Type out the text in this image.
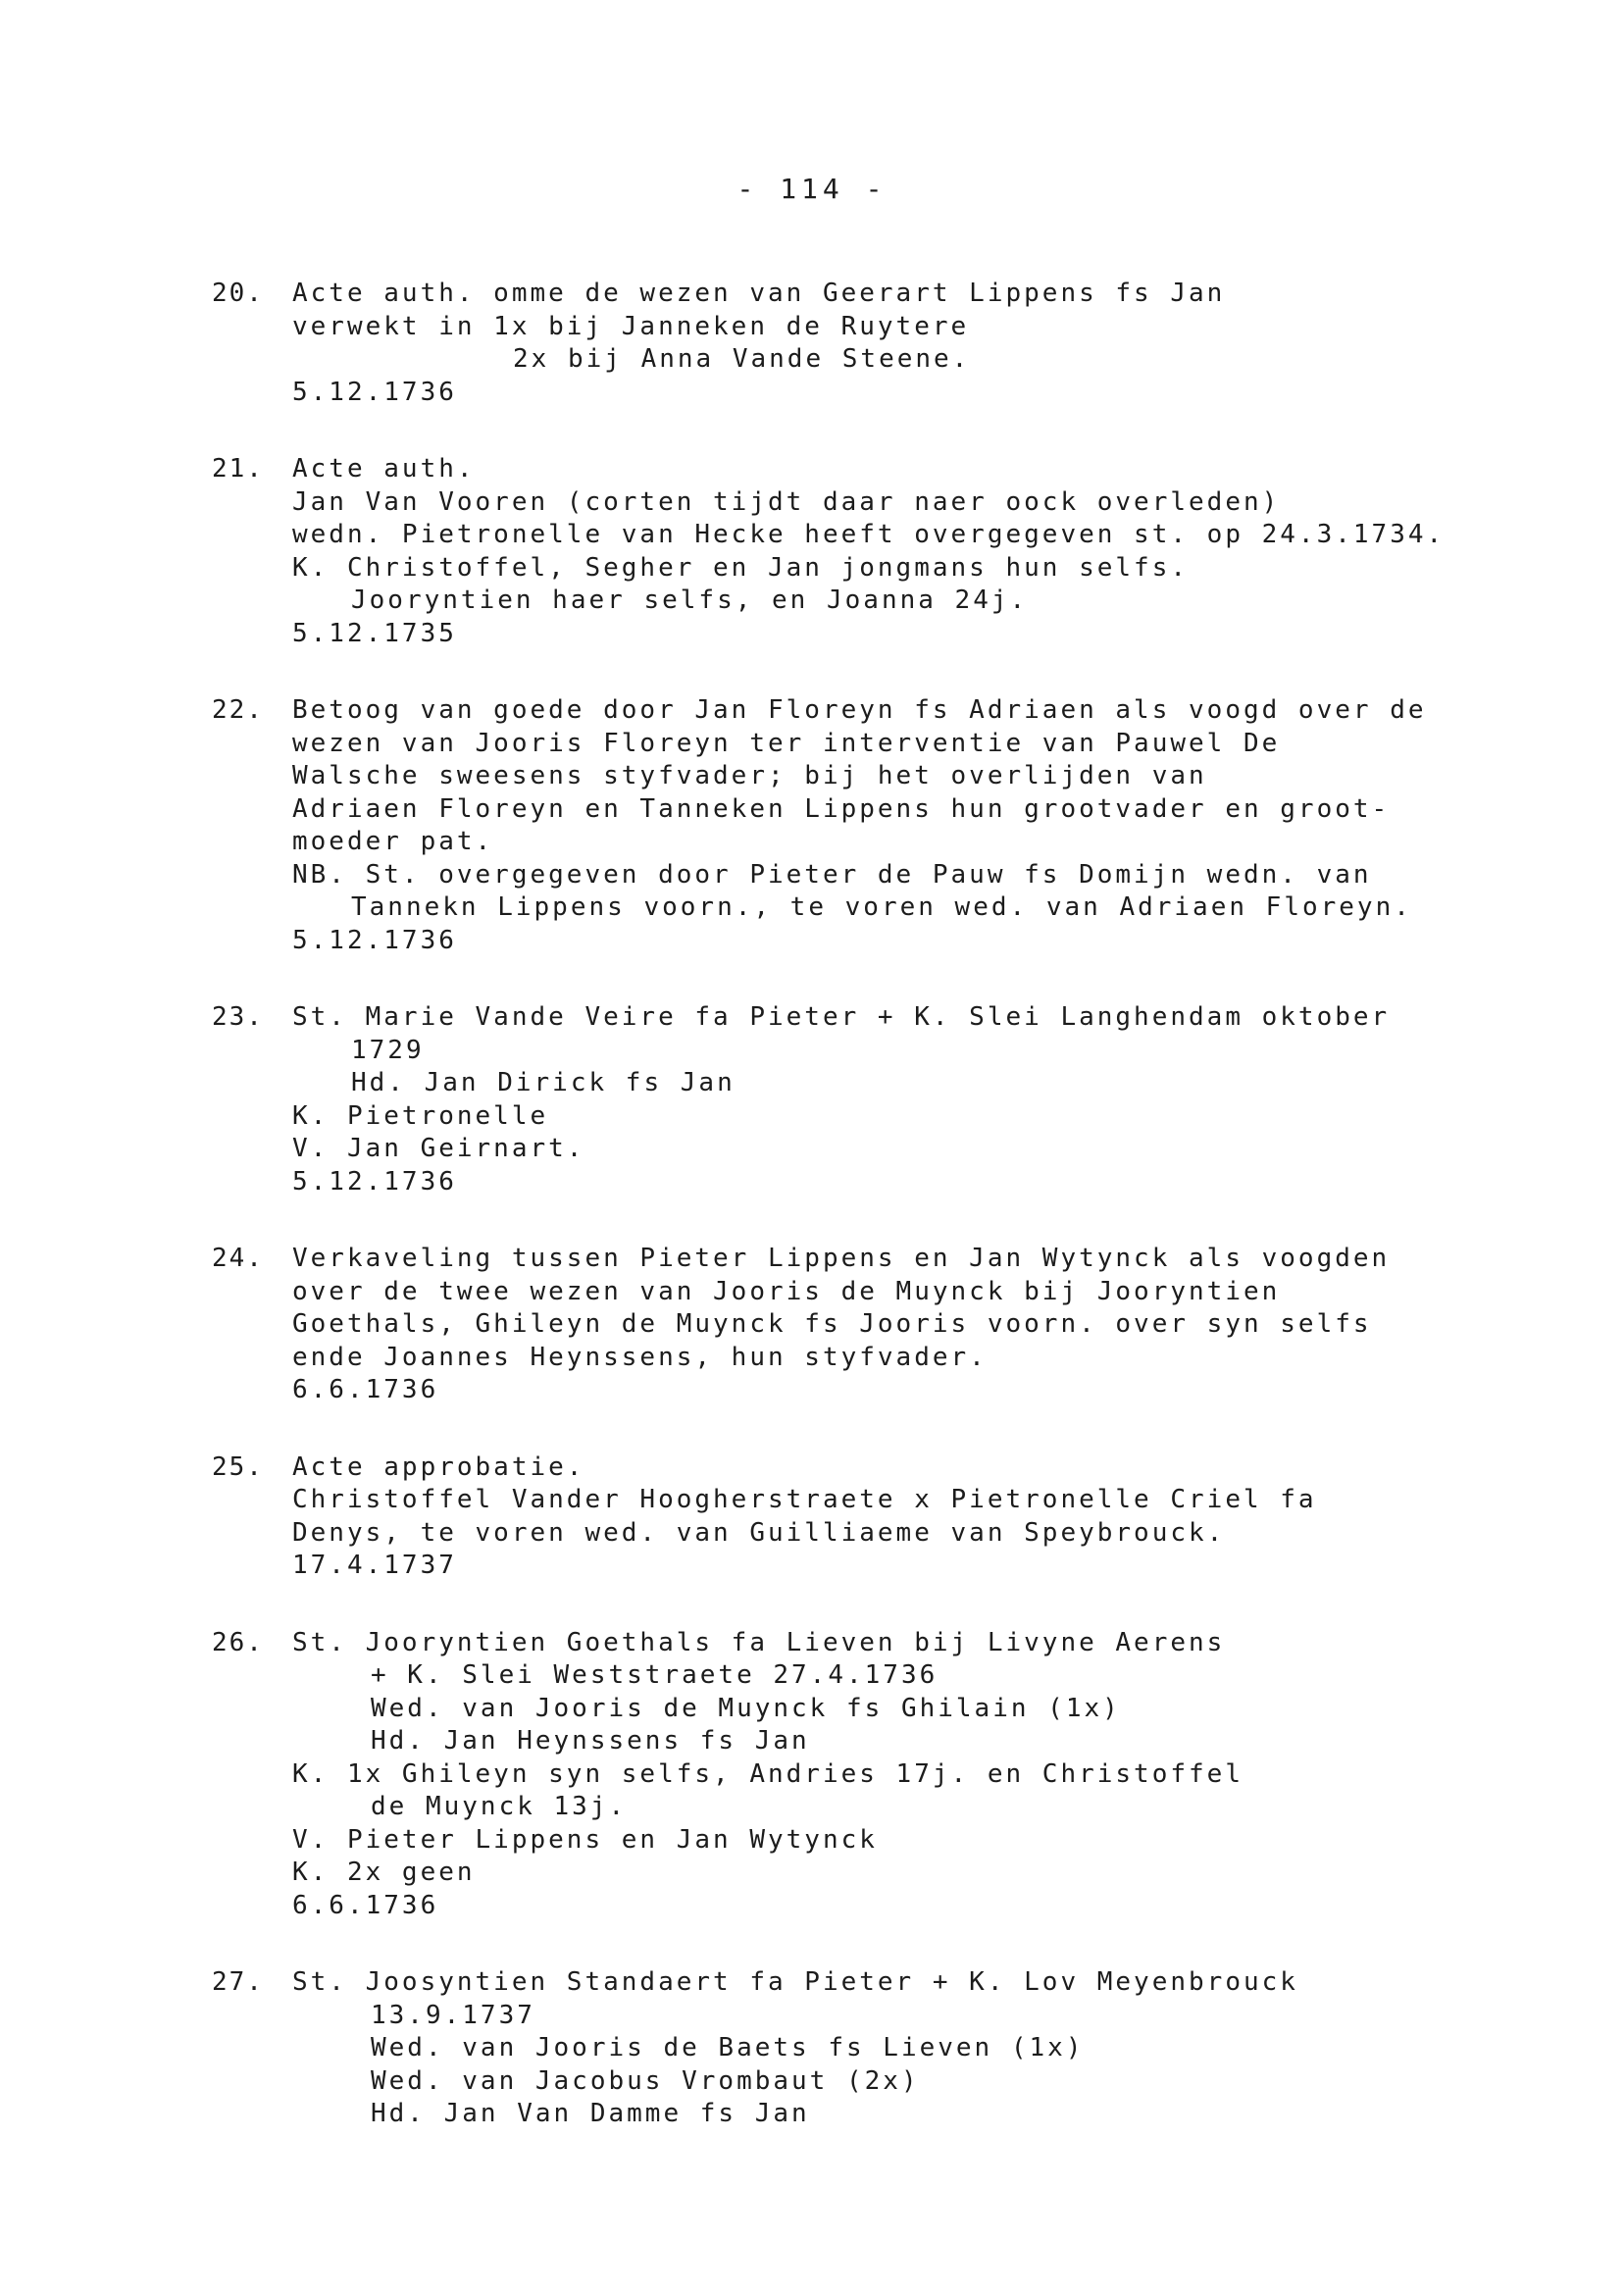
- 114 -
20.	Acte auth. omme de wezen van Geerart Lippens fs Jan
verwekt in 1x bij Janneken de Ruytere
2x bij Anna Vande Steene.
5.12.1736
21.	Acte auth.
Jan Van Vooren (corten tijdt daar naer oock overleden)
wedn. Pietronelle van Hecke heeft overgegeven st. op 24.3.1734.
K. Christoffel, Segher en Jan jongmans hun selfs.
Jooryntien haer selfs, en Joanna 24j.
5.12.1735
22.	Betoog van goede door Jan Floreyn fs Adriaen als voogd over de
wezen van Jooris Floreyn ter interventie van Pauwel De
Walsche sweesens styfvader; bij het overlijden van
Adriaen Floreyn en Tanneken Lippens hun grootvader en groot-
moeder pat.
NB. St. overgegeven door Pieter de Pauw fs Domijn wedn. van
Tannekn Lippens voorn., te voren wed. van Adriaen Floreyn.
5.12.1736
23.	St. Marie Vande Veire fa Pieter + K. Slei Langhendam oktober
1729
Hd. Jan Dirick fs Jan
K. Pietronelle
V. Jan Geirnart.
5.12.1736
24.	Verkaveling tussen Pieter Lippens en Jan Wytynck als voogden
over de twee wezen van Jooris de Muynck bij Jooryntien
Goethals, Ghileyn de Muynck fs Jooris voorn. over syn selfs
ende Joannes Heynssens, hun styfvader.
6.6.1736
25.	Acte approbatie.
Christoffel Vander Hoogherstraete x Pietronelle Criel fa
Denys, te voren wed. van Guilliaeme van Speybrouck.
17.4.1737
26.	St. Jooryntien Goethals fa Lieven bij Livyne Aerens
+ K. Slei Weststraete 27.4.1736
Wed. van Jooris de Muynck fs Ghilain (1x)
Hd. Jan Heynssens fs Jan
K. 1x Ghileyn syn selfs, Andries 17j. en Christoffel
de Muynck 13j.
V. Pieter Lippens en Jan Wytynck
K. 2x geen
6.6.1736
27.	St. Joosyntien Standaert fa Pieter + K. Lov Meyenbrouck
13.9.1737
Wed. van Jooris de Baets fs Lieven (1x)
Wed. van Jacobus Vrombaut (2x)
Hd. Jan Van Damme fs Jan
